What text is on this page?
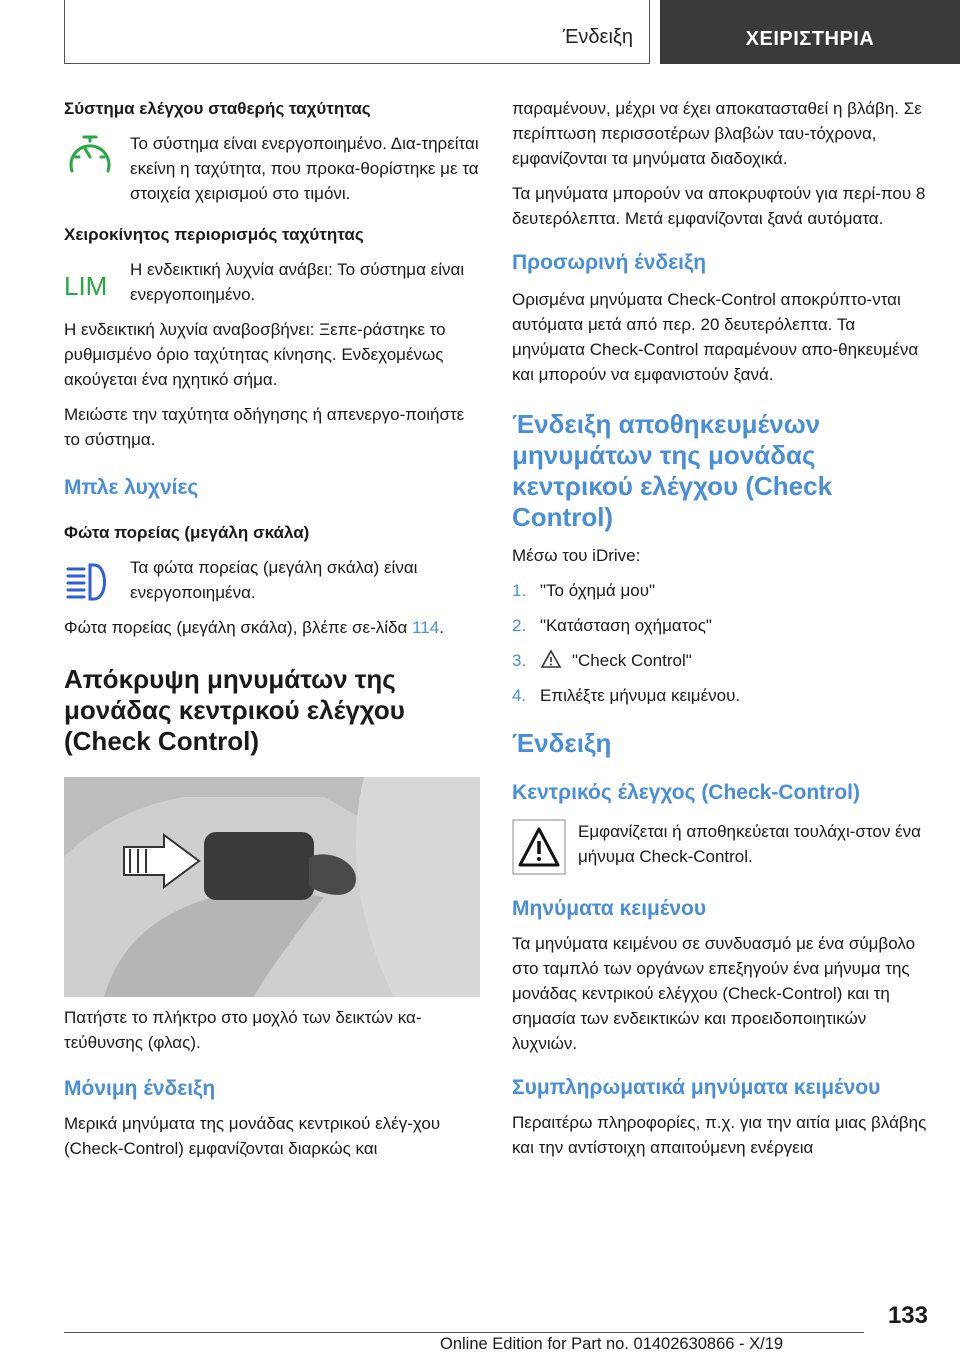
Ένδειξη	ΧΕΙΡΙΣΤΗΡΙΑ
Σύστημα ελέγχου σταθερής ταχύτητας

Το σύστημα είναι ενεργοποιημένο. Δια-τηρείται εκείνη η ταχύτητα, που προκα-θορίστηκε με τα στοιχεία χειρισμού στο τιμόνι.

Χειροκίνητος περιορισμός ταχύτητας
LIM

Η ενδεικτική λυχνία ανάβει: Το σύστημα είναι ενεργοποιημένο.

Η ενδεικτική λυχνία αναβοσβήνει: Ξεπε-ράστηκε το ρυθμισμένο όριο ταχύτητας κίνησης. Ενδεχομένως ακούγεται ένα ηχητικό σήμα.

Μειώστε την ταχύτητα οδήγησης ή απενεργο-ποιήστε το σύστημα.

Μπλε λυχνίες
Φώτα πορείας (μεγάλη σκάλα)

Τα φώτα πορείας (μεγάλη σκάλα) είναι ενεργοποιημένα.

Φώτα πορείας (μεγάλη σκάλα), βλέπε σε-λίδα 114.

Απόκρυψη μηνυμάτων της μονάδας κεντρικού ελέγχου (Check Control)

Πατήστε το πλήκτρο στο μοχλό των δεικτών κα-τεύθυνσης (φλας).

Μόνιμη ένδειξη

Μερικά μηνύματα της μονάδας κεντρικού ελέγ-χου (Check-Control) εμφανίζονται διαρκώς και

παραμένουν, μέχρι να έχει αποκατασταθεί η βλάβη. Σε περίπτωση περισσοτέρων βλαβών ταυ-τόχρονα, εμφανίζονται τα μηνύματα διαδοχικά.

Τα μηνύματα μπορούν να αποκρυφτούν για περί-που 8 δευτερόλεπτα. Μετά εμφανίζονται ξανά αυτόματα.

Προσωρινή ένδειξη

Ορισμένα μηνύματα Check-Control αποκρύπτο-νται αυτόματα μετά από περ. 20 δευτερόλεπτα. Τα μηνύματα Check-Control παραμένουν απο-θηκευμένα και μπορούν να εμφανιστούν ξανά.

Ένδειξη αποθηκευμένων μηνυμάτων της μονάδας κεντρικού ελέγχου (Check Control)

Μέσω του iDrive:

1. "Το όχημά μου"
2. "Κατάσταση οχήματος"
3.	"Check Control"
4. Επιλέξτε μήνυμα κειμένου.
Ένδειξη
Κεντρικός έλεγχος (Check-Control)

Εμφανίζεται ή αποθηκεύεται τουλάχι-στον ένα μήνυμα Check-Control.

Μηνύματα κειμένου

Τα μηνύματα κειμένου σε συνδυασμό με ένα σύμβολο στο ταμπλό των οργάνων επεξηγούν ένα μήνυμα της μονάδας κεντρικού ελέγχου (Check-Control) και τη σημασία των ενδεικτικών και προειδοποιητικών λυχνιών.

Συμπληρωματικά μηνύματα κειμένου

Περαιτέρω πληροφορίες, π.χ. για την αιτία μιας βλάβης και την αντίστοιχη απαιτούμενη ενέργεια

133
Online Edition for Part no. 01402630866 - X/19
